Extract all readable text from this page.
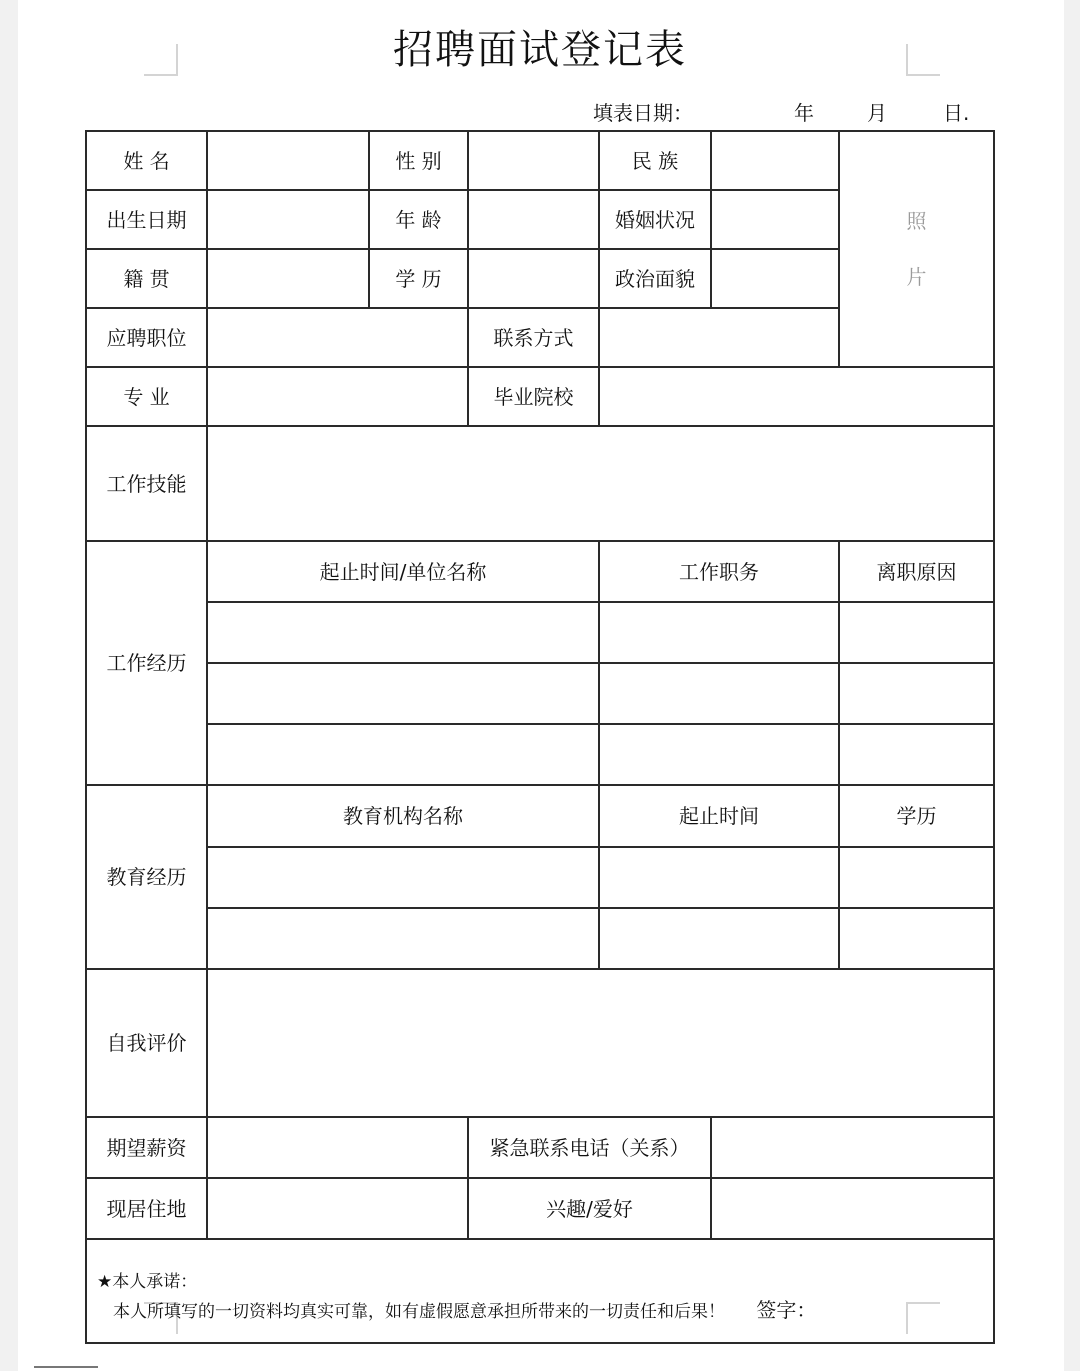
招聘面试登记表
填表日期：	年	月	日.
姓 名		性 别		民 族		照片
出生日期		年 龄		婚姻状况		
籍 贯		学 历		政治面貌		
应聘职位			联系方式			
专 业			毕业院校			
工作技能						
工作经历	起止时间/单位名称			工作职务		离职原因

教育经历	教育机构名称			起止时间		学历

自我评价						
期望薪资			紧急联系电话（关系）			
现居住地			兴趣/爱好			

★本人承诺：
本人所填写的一切资料均真实可靠，如有虚假愿意承担所带来的一切责任和后果！ 签字：						
